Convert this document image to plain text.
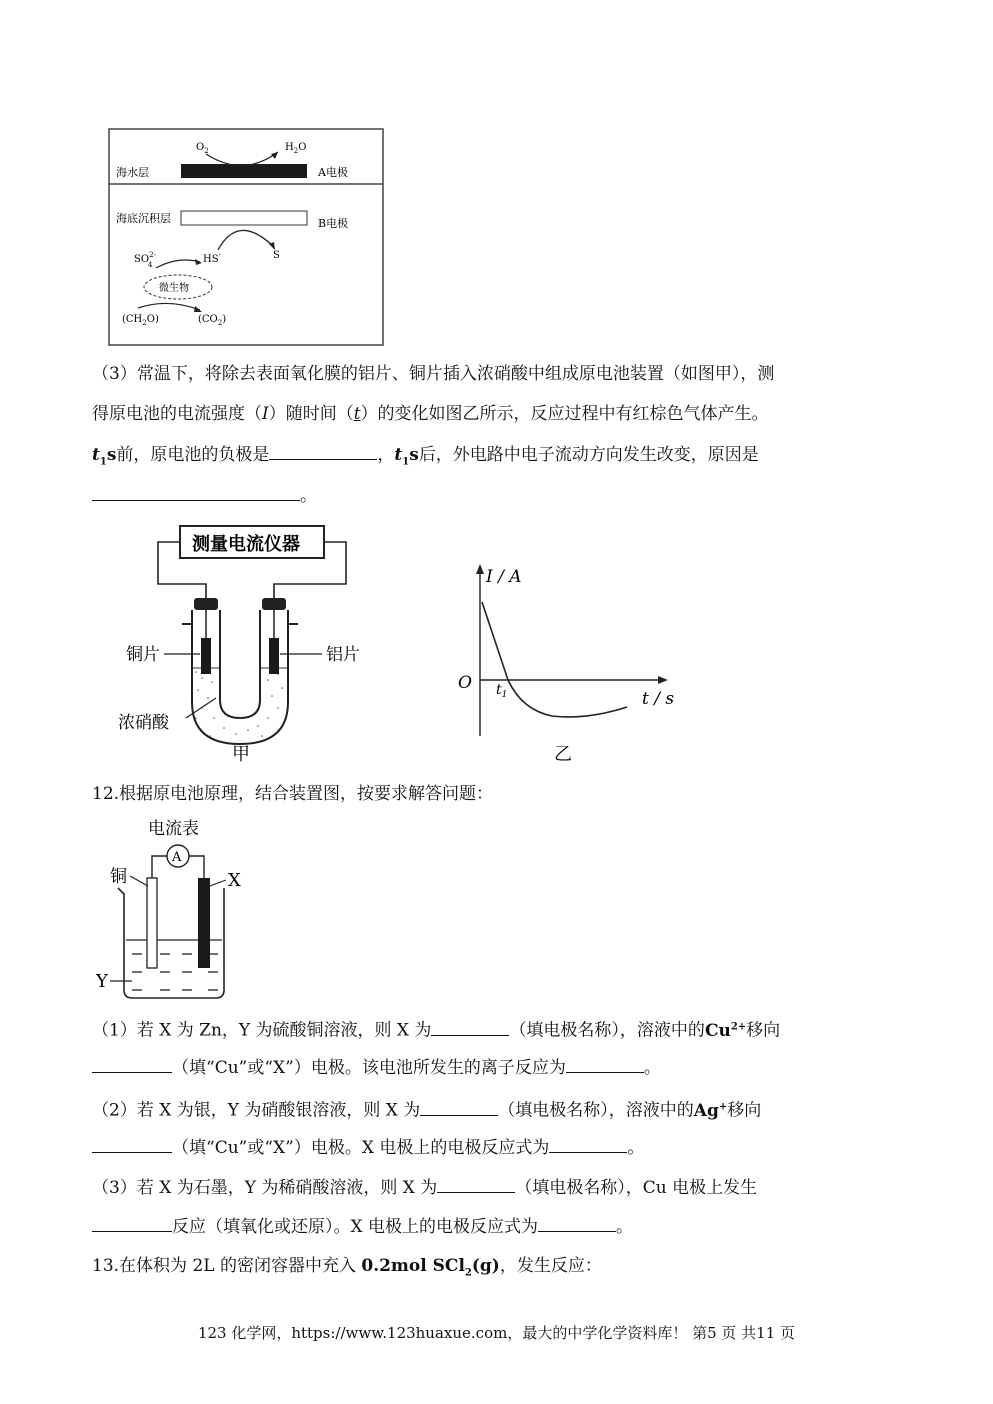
$O_2$	$H_2O$
海水层	A电极
海底沉积层	B电极
S
$SO^{2-}$
4	HS-
微生物
$(CH_2O)$	$(CO_2)$
（3）常温下，将除去表面氧化膜的铝片、铜片插入浓硝酸中组成原电池装置（如图甲），测
得原电池的电流强度（I）随时间（t）的变化如图乙所示，反应过程中有红棕色气体产生。
$t_1s$前，原电池的负极是	，$t_1s$后，外电路中电子流动方向发生改变，原因是
。
测量电流仪器
铜片	铝片
浓硝酸
甲
I / A
t / s
O $t_1$
乙
12.根据原电池原理，结合装置图，按要求解答问题：
电流表
A
铜	X
Y
（1）若 X 为 Zn，Y 为硫酸铜溶液，则 X 为	（填电极名称），溶液中的$Cu^{2+}$移向
（填“Cu”或“X”）电极。该电池所发生的离子反应为	。
（2）若 X 为银，Y 为硝酸银溶液，则 X 为	（填电极名称），溶液中的Ag+移向
（填“Cu”或“X”）电极。X 电极上的电极反应式为	。
（3）若 X 为石墨，Y 为稀硝酸溶液，则 X 为	（填电极名称），Cu 电极上发生
反应（填氧化或还原）。X 电极上的电极反应式为	。
13.在体积为 2L 的密闭容器中充入 0.2mol SCl$_2$(g)，发生反应：
123 化学网，https://www.123huaxue.com，最大的中学化学资料库！ 第5 页 共11 页
